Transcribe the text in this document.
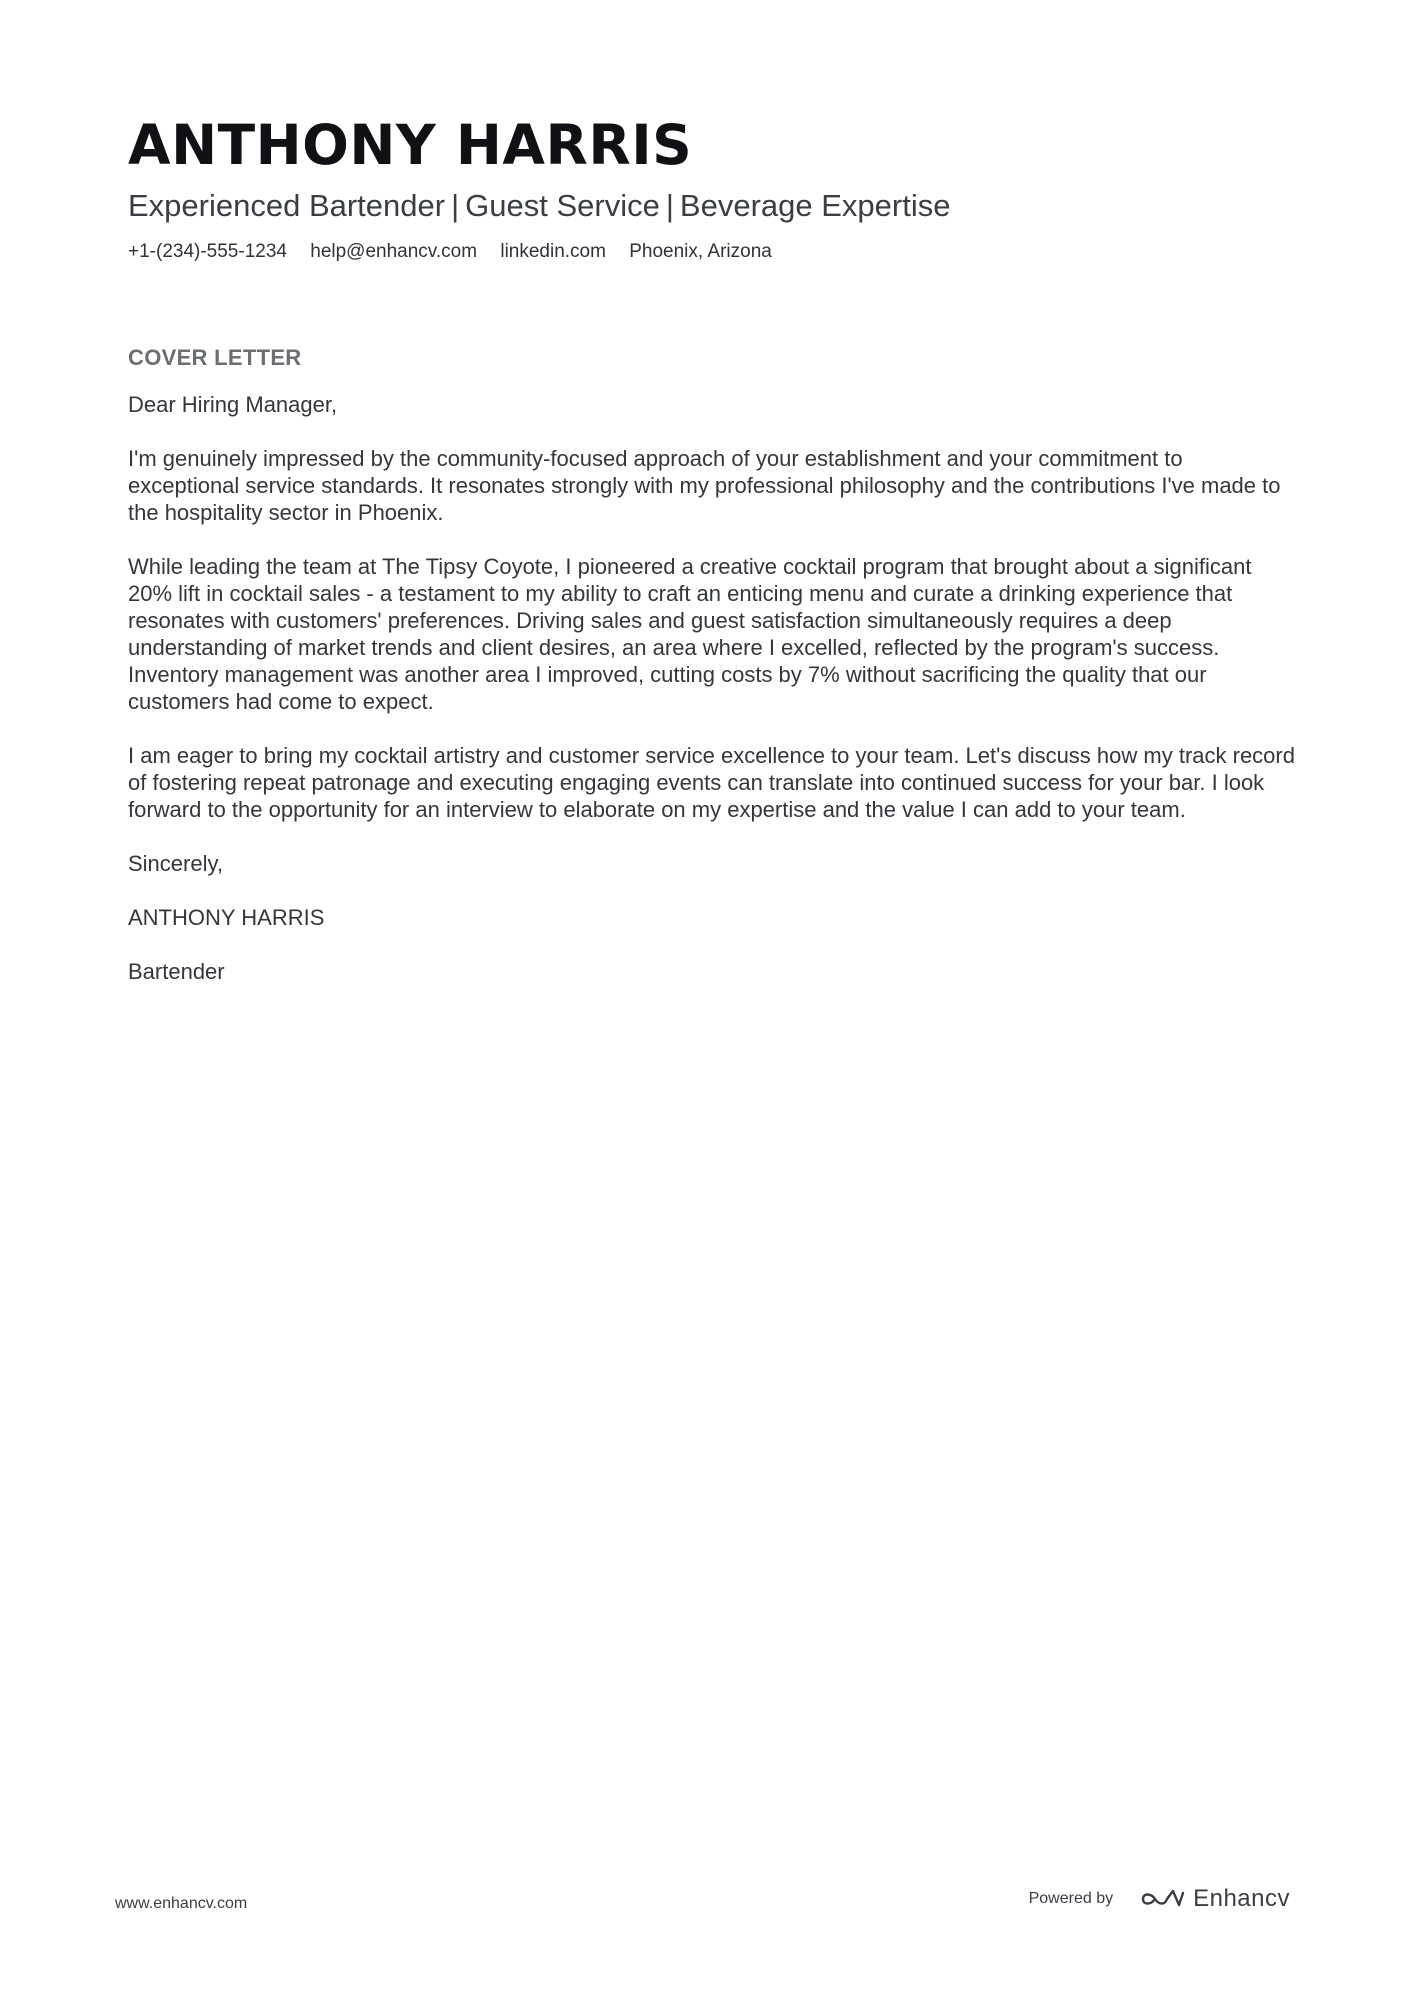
ANTHONY HARRIS
Experienced Bartender | Guest Service | Beverage Expertise
+1-(234)-555-1234 help@enhancv.com linkedin.com Phoenix, Arizona
COVER LETTER

Dear Hiring Manager,

I'm genuinely impressed by the community-focused approach of your establishment and your commitment to exceptional service standards. It resonates strongly with my professional philosophy and the contributions I've made to the hospitality sector in Phoenix.

While leading the team at The Tipsy Coyote, I pioneered a creative cocktail program that brought about a significant 20% lift in cocktail sales - a testament to my ability to craft an enticing menu and curate a drinking experience that resonates with customers' preferences. Driving sales and guest satisfaction simultaneously requires a deep understanding of market trends and client desires, an area where I excelled, reflected by the program's success. Inventory management was another area I improved, cutting costs by 7% without sacrificing the quality that our customers had come to expect.

I am eager to bring my cocktail artistry and customer service excellence to your team. Let's discuss how my track record of fostering repeat patronage and executing engaging events can translate into continued success for your bar. I look forward to the opportunity for an interview to elaborate on my expertise and the value I can add to your team.

Sincerely,

ANTHONY HARRIS

Bartender

www.enhancv.com	Powered by	Enhancv
